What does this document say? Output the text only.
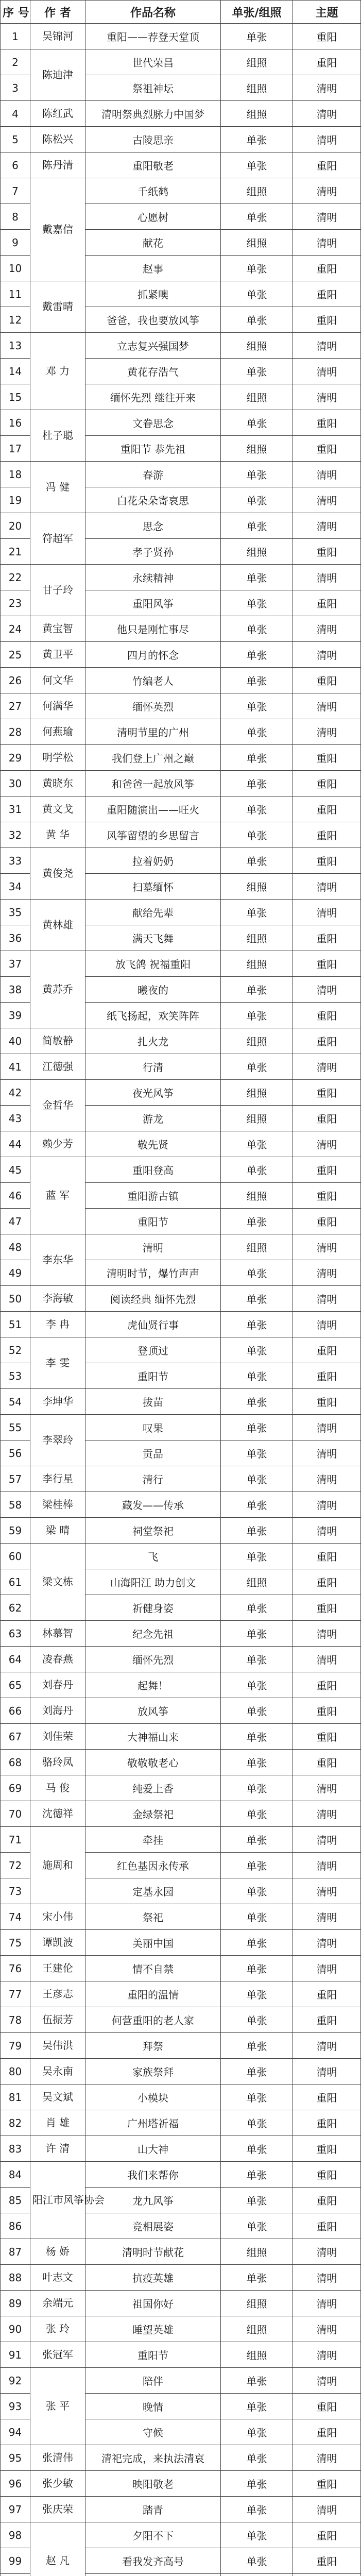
序 号	作 者	作品名称	单张/组照	主题
1	吴锦河	重阳——荐登天堂顶	单张	重阳
2	陈迪津	世代荣昌	组照	重阳
3		祭祖神坛	组照	清明
4	陈红武	清明祭典烈脉力中国梦	组照	清明
5	陈松兴	古陵思亲	单张	清明
6	陈丹清	重阳敬老	单张	重阳
7	戴嘉信	千纸鹤	组照	清明
8		心愿树	单张	清明
9		献花	组照	清明
10		赵事	单张	重阳
11	戴雷晴	抓紧噢	单张	重阳
12		爸爸，我也要放风筝	单张	重阳
13	邓 力	立志复兴强国梦	组照	清明
14		黄花存浩气	单张	清明
15		缅怀先烈 继往开来	组照	清明
16	杜子聪	文眷思念	单张	重阳
17		重阳节 恭先祖	组照	重阳
18	冯 健	春游	单张	清明
19		白花朵朵寄哀思	单张	清明
20	符超军	思念	单张	清明
21		孝子贤孙	组照	重阳
22	甘子玲	永续精神	单张	清明
23		重阳风筝	单张	重阳
24	黄宝智	他只是刚忙事尽	单张	清明
25	黄卫平	四月的怀念	单张	清明
26	何文华	竹编老人	单张	重阳
27	何满华	缅怀英烈	单张	清明
28	何燕瑜	清明节里的广州	单张	清明
29	明学松	我们登上广州之巅	单张	重阳
30	黄晓东	和爸爸一起放风筝	单张	重阳
31	黄文戈	重阳随演出——旺火	单张	重阳
32	黄 华	风筝留望的乡思留言	单张	重阳
33	黄俊尧	拉着奶奶	单张	重阳
34		扫墓缅怀	组照	清明
35	黄林雄	献给先辈	单张	清明
36		满天飞舞	组照	重阳
37	黄苏乔	放飞鸽 祝福重阳	组照	重阳
38		曦夜的	单张	清明
39		纸飞扬起，欢笑阵阵	单张	重阳
40	简敏静	扎火龙	组照	重阳
41	江德强	行清	单张	清明
42	金哲华	夜光风筝	组照	重阳
43		游龙	组照	重阳
44	赖少芳	敬先贤	单张	清明
45	蓝 军	重阳登高	单张	重阳
46		重阳游古镇	组照	重阳
47		重阳节	单张	重阳
48	李东华	清明	组照	清明
49		清明时节，爆竹声声	单张	清明
50	李海敏	阅读经典 缅怀先烈	单张	清明
51	李 冉	虎仙贤行事	单张	清明
52	李 雯	登顶过	单张	重阳
53		重阳节	单张	重阳
54	李坤华	拔苗	单张	重阳
55	李翠玲	叹果	单张	清明
56		贡品	单张	清明
57	李行星	清行	单张	清明
58	梁桂棒	藏发——传承	单张	清明
59	梁 晴	祠堂祭祀	单张	清明
60	梁文栋	飞	单张	重阳
61		山海阳江 助力创文	组照	重阳
62		祈健身姿	单张	重阳
63	林慕智	纪念先祖	单张	清明
64	凌春燕	缅怀先烈	单张	清明
65	刘春丹	起舞！	单张	重阳
66	刘海丹	放风筝	单张	重阳
67	刘佳荣	大神福山来	单张	重阳
68	骆玲凤	敬敬敬老心	单张	重阳
69	马 俊	纯爱上香	单张	清明
70	沈德祥	金绿祭祀	单张	清明
71	施周和	牵挂	单张	清明
72		红色基因永传承	单张	清明
73		定基永园	单张	清明
74	宋小伟	祭祀	单张	清明
75	谭凯波	美丽中国	单张	清明
76	王建伦	情不自禁	单张	清明
77	王彦志	重阳的温情	单张	重阳
78	伍振芳	何营重阳的老人家	单张	重阳
79	吴伟洪	拜祭	单张	清明
80	吴永南	家族祭拜	单张	清明
81	吴文斌	小模块	单张	重阳
82	肖 雄	广州塔祈福	单张	重阳
83	许 清	山大神	单张	重阳
84	阳江市风筝协会	我们来帮你	单张	重阳
85		龙九风筝	单张	重阳
86		竞相展姿	单张	重阳
87	杨 娇	清明时节献花	组照	清明
88	叶志文	抗疫英雄	单张	清明
89	余端元	祖国你好	组照	清明
90	张 玲	睡望英雄	组照	清明
91	张冠军	重阳节	组照	清明
92	张 平	陪伴	单张	清明
93		晚情	单张	重阳
94		守候	单张	重阳
95	张清伟	清祀完成，来执法清哀	单张	清明
96	张少敏	映阳敬老	单张	重阳
97	张庆荣	踏青	单张	清明
98	赵 凡	夕阳不下	单张	重阳
99		看我发齐高号	单张	重阳
